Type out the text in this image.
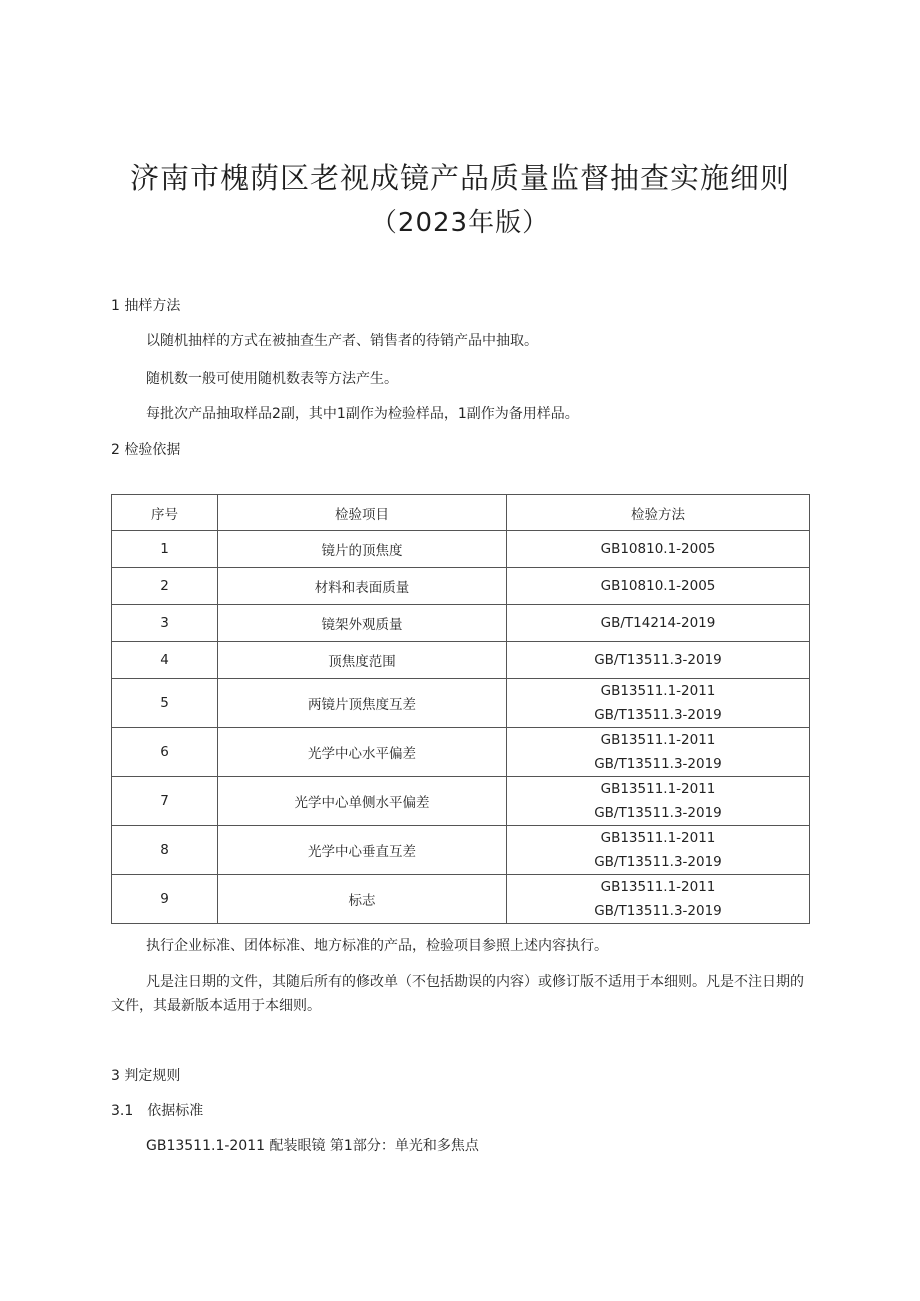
济南市槐荫区老视成镜产品质量监督抽查实施细则
（2023年版）
1 抽样方法
以随机抽样的方式在被抽查生产者、销售者的待销产品中抽取。
随机数一般可使用随机数表等方法产生。
每批次产品抽取样品2副，其中1副作为检验样品，1副作为备用样品。
2 检验依据
序号	检验项目	检验方法
1	镜片的顶焦度	GB10810.1-2005
2	材料和表面质量	GB10810.1-2005
3	镜架外观质量	GB/T14214-2019
4	顶焦度范围	GB/T13511.3-2019
5	两镜片顶焦度互差	GB13511.1-2011
GB/T13511.3-2019

6	光学中心水平偏差	GB13511.1-2011
GB/T13511.3-2019

7	光学中心单侧水平偏差	GB13511.1-2011
GB/T13511.3-2019

8	光学中心垂直互差	GB13511.1-2011
GB/T13511.3-2019

9	标志	GB13511.1-2011
GB/T13511.3-2019
执行企业标准、团体标准、地方标准的产品，检验项目参照上述内容执行。
凡是注日期的文件，其随后所有的修改单（不包括勘误的内容）或修订版不适用于本细则。凡是不注日期的文件，其最新版本适用于本细则。
3 判定规则
3.1　依据标准
GB13511.1-2011 配装眼镜 第1部分：单光和多焦点
